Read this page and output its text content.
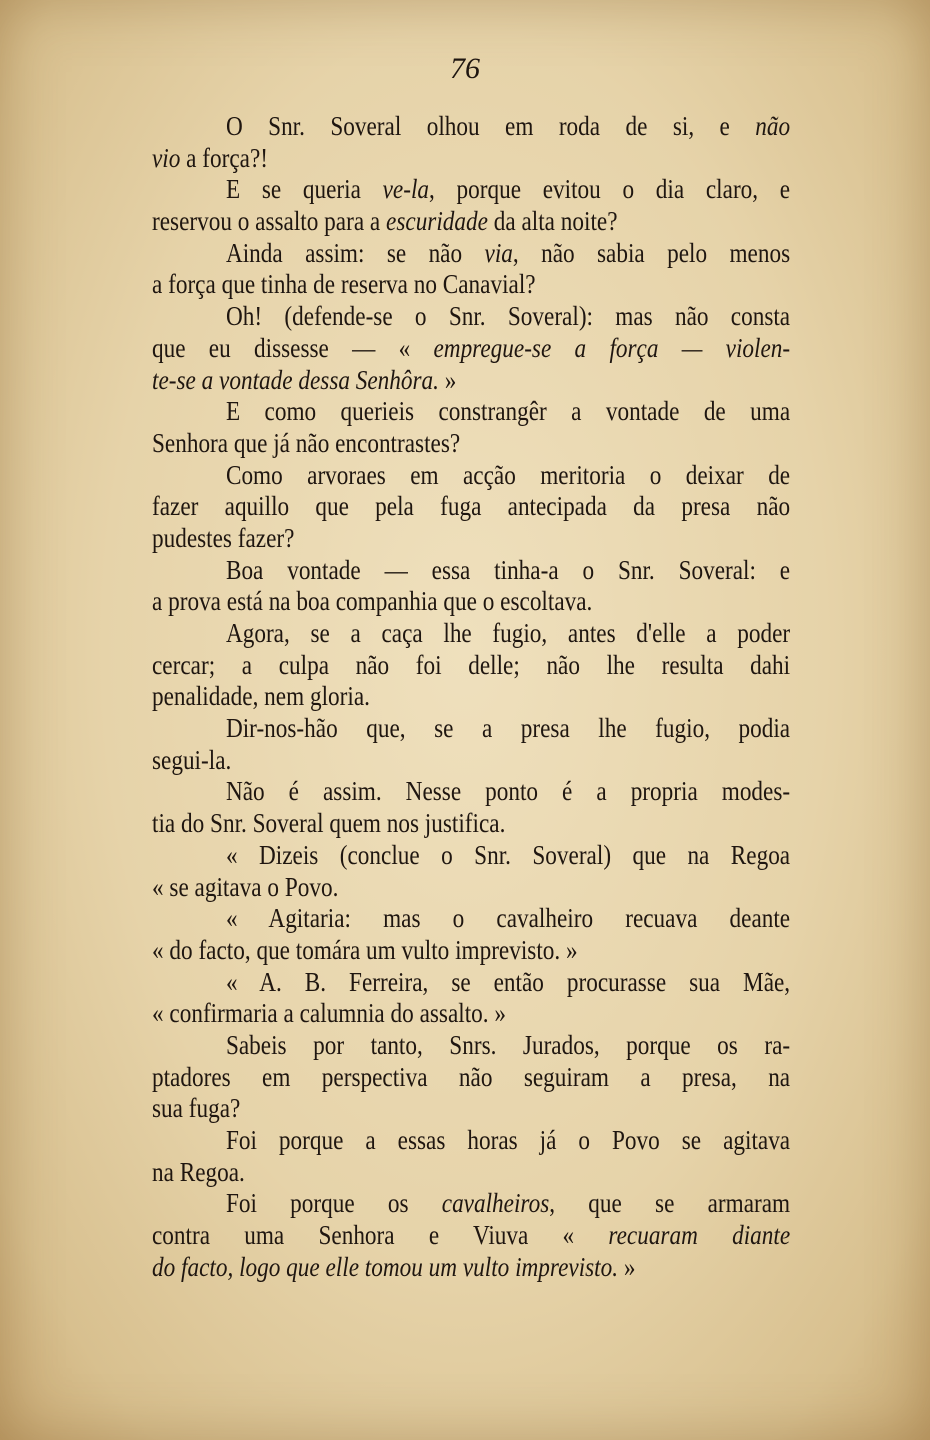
76
O Snr. Soveral olhou em roda de si, e não
vio a força?!
E se queria ve-la, porque evitou o dia claro, e
reservou o assalto para a escuridade da alta noite?
Ainda assim: se não via, não sabia pelo menos
a força que tinha de reserva no Canavial?
Oh! (defende-se o Snr. Soveral): mas não consta
que eu dissesse — « empregue-se a força — violen-
te-se a vontade dessa Senhôra. »
E como querieis constrangêr a vontade de uma
Senhora que já não encontrastes?
Como arvoraes em acção meritoria o deixar de
fazer aquillo que pela fuga antecipada da presa não
pudestes fazer?
Boa vontade — essa tinha-a o Snr. Soveral: e
a prova está na boa companhia que o escoltava.
Agora, se a caça lhe fugio, antes d'elle a poder
cercar; a culpa não foi delle; não lhe resulta dahi
penalidade, nem gloria.
Dir-nos-hão que, se a presa lhe fugio, podia
segui-la.
Não é assim. Nesse ponto é a propria modes-
tia do Snr. Soveral quem nos justifica.
« Dizeis (conclue o Snr. Soveral) que na Regoa
« se agitava o Povo.
« Agitaria: mas o cavalheiro recuava deante
« do facto, que tomára um vulto imprevisto. »
« A. B. Ferreira, se então procurasse sua Mãe,
« confirmaria a calumnia do assalto. »
Sabeis por tanto, Snrs. Jurados, porque os ra-
ptadores em perspectiva não seguiram a presa, na
sua fuga?
Foi porque a essas horas já o Povo se agitava
na Regoa.
Foi porque os cavalheiros, que se armaram
contra uma Senhora e Viuva « recuaram diante
do facto, logo que elle tomou um vulto imprevisto. »
